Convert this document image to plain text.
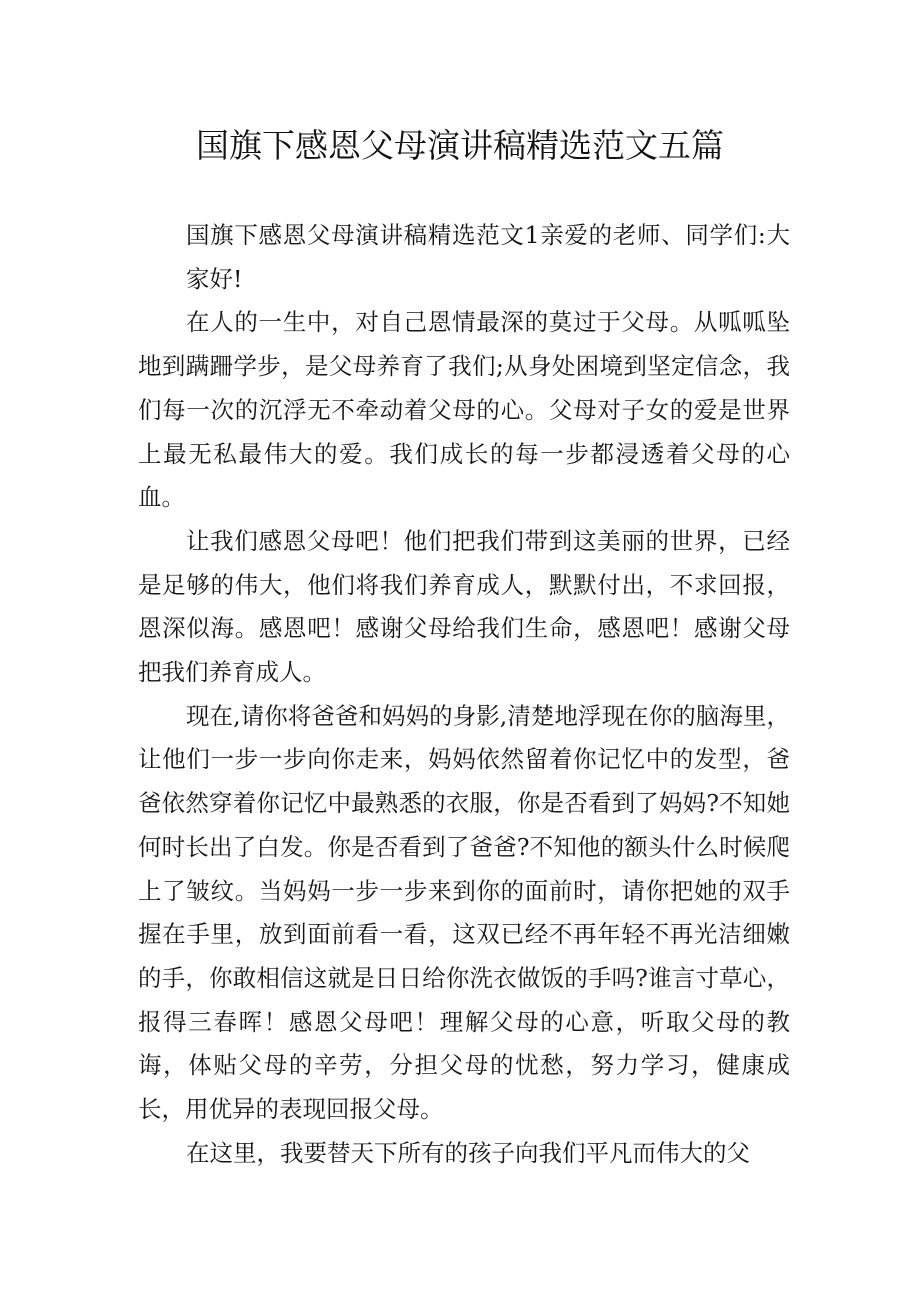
国旗下感恩父母演讲稿精选范文五篇

国旗下感恩父母演讲稿精选范文1亲爱的老师、同学们:大家好!

在人的一生中，对自己恩情最深的莫过于父母。从呱呱坠地到蹒跚学步，是父母养育了我们;从身处困境到坚定信念，我们每一次的沉浮无不牵动着父母的心。父母对子女的爱是世界上最无私最伟大的爱。我们成长的每一步都浸透着父母的心血。

让我们感恩父母吧！他们把我们带到这美丽的世界，已经是足够的伟大，他们将我们养育成人，默默付出，不求回报，恩深似海。感恩吧！感谢父母给我们生命，感恩吧！感谢父母把我们养育成人。

现在,请你将爸爸和妈妈的身影,清楚地浮现在你的脑海里，让他们一步一步向你走来，妈妈依然留着你记忆中的发型，爸爸依然穿着你记忆中最熟悉的衣服，你是否看到了妈妈?不知她何时长出了白发。你是否看到了爸爸?不知他的额头什么时候爬上了皱纹。当妈妈一步一步来到你的面前时，请你把她的双手握在手里，放到面前看一看，这双已经不再年轻不再光洁细嫩的手，你敢相信这就是日日给你洗衣做饭的手吗?谁言寸草心，报得三春晖！感恩父母吧！理解父母的心意，听取父母的教诲，体贴父母的辛劳，分担父母的忧愁，努力学习，健康成长，用优异的表现回报父母。

在这里，我要替天下所有的孩子向我们平凡而伟大的父
